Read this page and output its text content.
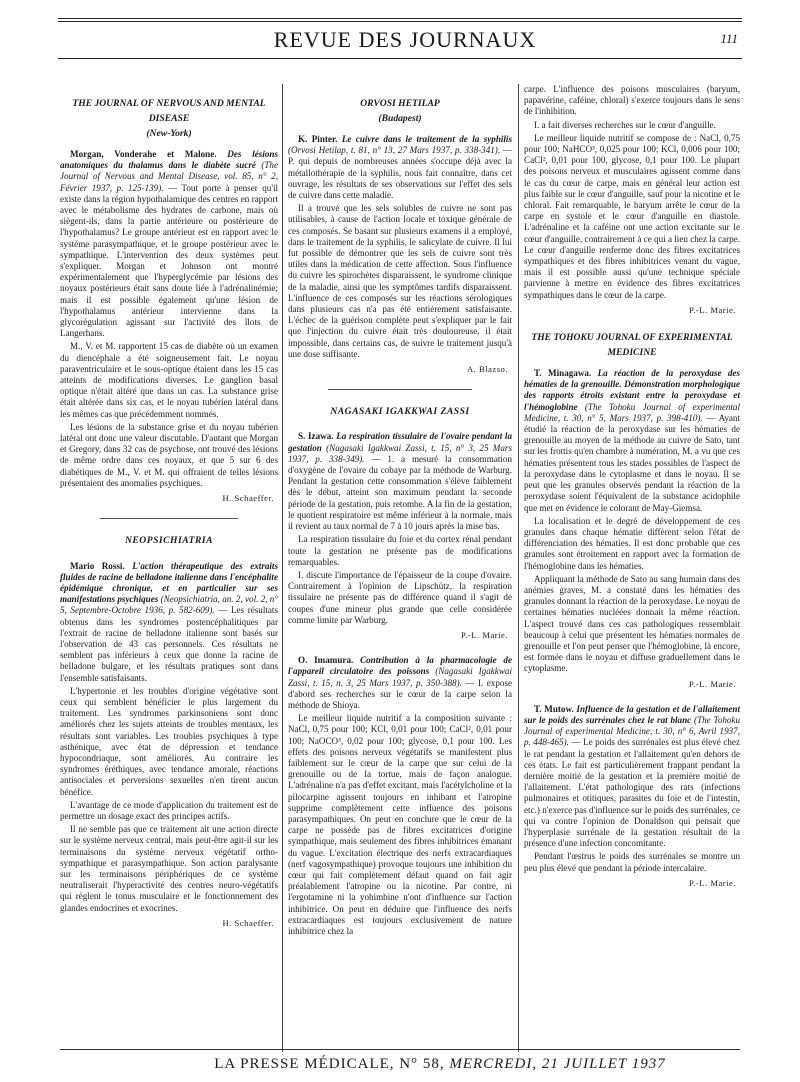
REVUE DES JOURNAUX	111
THE JOURNAL OF NERVOUS AND MENTAL DISEASE
(New-York)

Morgan, Vonderahe et Malone. Des lésions anatomiques du thalamus dans le diabète sucré (The Journal of Nervous and Mental Disease, vol. 85, n° 2, Février 1937, p. 125-139). — Tout porte à penser qu'il existe dans la région hypothalamique des centres en rapport avec le métabolisme des hydrates de carbone, mais où siègent-ils, dans la partie antérieure ou postérieure de l'hypothalamus? Le groupe antérieur est en rapport avec le système parasympathique, et le groupe postérieur avec le sympathique. L'intervention des deux systèmes peut s'expliquer. Morgan et Johnson ont montré expérimentalement que l'hyperglycémie par lésions des noyaux postérieurs était sans doute liée à l'adrénalinémie; mais il est possible également qu'une lésion de l'hypothalamus antérieur intervienne dans la glycorégulation agissant sur l'activité des îlots de Langerhans.

M., V. et M. rapportent 15 cas de diabète où un examen du diencéphale a été soigneusement fait. Le noyau paraventriculaire et le sous-optique étaient dans les 15 cas atteints de modifications diverses. Le ganglion basal optique n'était altéré que dans un cas. La substance grise était altérée dans six cas, et le noyau tubérien latéral dans les mêmes cas que précédemment nommés.

Les lésions de la substance grise et du noyau tubérien latéral ont donc une valeur discutable. D'autant que Morgan et Gregory, dans 32 cas de psychose, ont trouvé des lésions de même ordre dans ces noyaux, et que 5 sur 6 des diabétiques de M., V. et M. qui offraient de telles lésions présentaient des anomalies psychiques.

H. Schaeffer.
NEOPSICHIATRIA

Mario Rossi. L'action thérapeutique des extraits fluides de racine de belladone italienne dans l'encéphalite épidémique chronique, et en particulier sur ses manifestations psychiques (Neopsichiatria, an. 2, vol. 2, n° 5, Septembre-Octobre 1936, p. 582-609). — Les résultats obtenus dans les syndromes postencéphalitiques par l'extrait de racine de belladone italienne sont basés sur l'observation de 43 cas personnels. Ces résultats ne semblent pas inférieurs à ceux que donne la racine de belladone bulgare, et les résultats pratiques sont dans l'ensemble satisfaisants.

L'hypertonie et les troubles d'origine végétative sont ceux qui semblent bénéficier le plus largement du traitement. Les syndromes parkinsoniens sont donc améliorés chez les sujets atteints de troubles mentaux, les résultats sont variables. Les troubles psychiques à type asthénique, avec état de dépression et tendance hypocondriaque, sont améliorés. Au contraire les syndromes éréthiques, avec tendance amorale, réactions antisociales et perversions sexuelles n'en tirent aucun bénéfice.

L'avantage de ce mode d'application du traitement est de permettre un dosage exact des principes actifs.

Il ne semble pas que ce traitement ait une action directe sur le système nerveux central, mais peut-être agit-il sur les terminaisons du système nerveux végétatif ortho-sympathique et parasympathique. Son action paralysante sur les terminaisons périphériques de ce système neutraliserait l'hyperactivité des centres neuro-végétatifs qui règlent le tonus musculaire et le fonctionnement des glandes endocrines et exocrines.

H. Schaeffer.
ORVOSI HETILAP
(Budapest)

K. Pinter. Le cuivre dans le traitement de la syphilis (Orvosi Hetilap, t. 81, n° 13, 27 Mars 1937, p. 338-341). — P. qui depuis de nombreuses années s'occupe déjà avec la métallothérapie de la syphilis, nous fait connaître, dans cet ouvrage, les résultats de ses observations sur l'effet des sels de cuivre dans cette maladie.

Il a trouvé que les sels solubles de cuivre ne sont pas utilisables, à cause de l'action locale et toxique générale de ces composés. Se basant sur plusieurs examens il a employé, dans le traitement de la syphilis, le salicylate de cuivre. Il lui fut possible de démontrer que les sels de cuivre sont très utiles dans la médication de cette affection. Sous l'influence du cuivre les spirochètes disparaissent, le syndrome clinique de la maladie, ainsi que les symptômes tardifs disparaissent. L'influence de ces composés sur les réactions sérologiques dans plusieurs cas n'a pas été entièrement satisfaisante. L'échec de la guérison complète peut s'expliquer par le fait que l'injection du cuivre était très douloureuse, il était impossible, dans certains cas, de suivre le traitement jusqu'à une dose suffisante.

A. Blazso.
NAGASAKI IGAKKWAI ZASSI

S. Izawa. La respiration tissulaire de l'ovaire pendant la gestation (Nagasaki Igakkwai Zassi, t. 15, n° 3, 25 Mars 1937, p. 338-349). — 1. a mesuré la consommation d'oxygène de l'ovaire du cobaye par la méthode de Warburg. Pendant la gestation cette consommation s'élève faiblement dès le début, atteint son maximum pendant la seconde période de la gestation, puis retombe. A la fin de la gestation, le quotient respiratoire est même inférieur à la normale, mais il revient au taux normal de 7 à 10 jours après la mise bas.

La respiration tissulaire du foie et du cortex rénal pendant toute la gestation ne présente pas de modifications remarquables.

I. discute l'importance de l'épaisseur de la coupe d'ovaire. Contrairement à l'opinion de Lipschütz, la respiration tissulaire ne présente pas de différence quand il s'agit de coupes d'une mineur plus grande que celle considérée comme limite par Warburg.

P.-L. Marie.

O. Imamura. Contribution à la pharmacologie de l'appareil circulatoire des poissons (Nagasaki Igakkwai Zassi, t. 15, n. 3, 25 Mars 1937, p. 350-388). — I. expose d'abord ses recherches sur le cœur de la carpe selon la méthode de Shioya.

Le meilleur liquide nutritif a la composition suivante : NaCl, 0,75 pour 100; KCl, 0,01 pour 100; CaCl², 0,01 pour 100; NaOCO³, 0,02 pour 100; glycose, 0,1 pour 100. Les effets des poisons nerveux végétatifs se manifestent plus faiblement sur le cœur de la carpe que sur celui de la grenouille ou de la tortue, mais de façon analogue. L'adrénaline n'a pas d'effet excitant, mais l'acétylcholine et la pilocarpine agissent toujours en inhibant et l'atropine supprime complètement cette influence des poisons parasympathiques. On peut en conclure que le cœur de la carpe ne possède pas de fibres excitatrices d'origine sympathique, mais seulement des fibres inhibitrices émanant du vague. L'excitation électrique des nerfs extracardiaques (nerf vagosympathique) provoque toujours une inhibition du cœur qui fait complètement défaut quand on fait agir préalablement l'atropine ou la nicotine. Par contre, ni l'ergotamine ni la yohimbine n'ont d'influence sur l'action inhibitrice. On peut en déduire que l'influence des nerfs extracardiaques est toujours exclusivement de nature inhibitrice chez la

carpe. L'influence des poisons musculaires (baryum, papavérine, caféine, chloral) s'exerce toujours dans le sens de l'inhibition.

I. a fait diverses recherches sur le cœur d'anguille.

Le meilleur liquide nutritif se compose de : NaCl, 0,75 pour 100; NaHCO³, 0,025 pour 100; KCl, 0,006 pour 100; CaCl², 0,01 pour 100, glycose, 0,1 pour 100. Le plupart des poisons nerveux et musculaires agissent comme dans le cas du cœur de carpe, mais en général leur action est plus faible sur le cœur d'anguille, sauf pour la nicotine et le chloral. Fait remarquable, le baryum arrête le cœur de la carpe en systole et le cœur d'anguille en diastole. L'adrénaline et la caféine ont une action excitante sur le cœur d'anguille, contrairement à ce qui a lieu chez la carpe. Le cœur d'anguille renferme donc des fibres excitatrices sympathiques et des fibres inhibitrices venant du vague, mais il est possible aussi qu'une technique spéciale parvienne à mettre en évidence des fibres excitatrices sympathiques dans le cœur de la carpe.

P.-L. Marie.
THE TOHOKU JOURNAL OF EXPERIMENTAL MEDICINE

T. Minagawa. La réaction de la peroxydase des hématies de la grenouille. Démonstration morphologique des rapports étroits existant entre la peroxydase et l'hémoglobine (The Tohoku Journal of experimental Medicine, t. 30, n° 5, Mars 1937, p. 398-410). — Ayant étudié la réaction de la peroxydase sur les hématies de grenouille au moyen de la méthode au cuivre de Sato, tant sur les frottis qu'en chambre à numération, M. a vu que ces hématies présentent tous les stades possibles de l'aspect de la peroxydase dans le cytoplasme et dans le noyau. Il se peut que les granules observés pendant la réaction de la peroxydase soient l'équivalent de la substance acidophile que met en évidence le colorant de May-Giemsa.

La localisation et le degré de développement de ces granules dans chaque hématie diffèrent selon l'état de différenciation des hématies. Il est donc probable que ces granules sont étroitement en rapport avec la formation de l'hémoglobine dans les hématies.

Appliquant la méthode de Sato au sang humain dans des anémies graves, M. a constaté dans les hématies des granules donnant la réaction de la peroxydase. Le noyau de certaines hématies nucléées donnait la même réaction. L'aspect trouvé dans ces cas pathologiques ressemblait beaucoup à celui que présentent les hématies normales de grenouille et l'on peut penser que l'hémoglobine, là encore, est formée dans le noyau et diffuse graduellement dans le cytoplasme.

P.-L. Marie.

T. Mutow. Influence de la gestation et de l'allaitement sur le poids des surrénales chez le rat blanc (The Tohoku Journal of experimental Medicine, t. 30, n° 6, Avril 1937, p. 448-465). — Le poids des surrénales est plus élevé chez le rat pendant la gestation et l'allaitement qu'en dehors de ces états. Le fait est particulièrement frappant pendant la dernière moitié de la gestation et la première moitié de l'allaitement. L'état pathologique des rats (infections pulmonaires et otitiques, parasites du foie et de l'intestin, etc.) n'exerce pas d'influence sur le poids des surrénales, ce qui va contre l'opinion de Donaldson qui pensait que l'hyperplasie surrénale de la gestation résultait de la présence d'une infection concomitante.

Pendant l'œstrus le poids des surrénales se montre un peu plus élevé que pendant la période intercalaire.

P.-L. Marie.
LA PRESSE MÉDICALE, N° 58, MERCREDI, 21 JUILLET 1937
